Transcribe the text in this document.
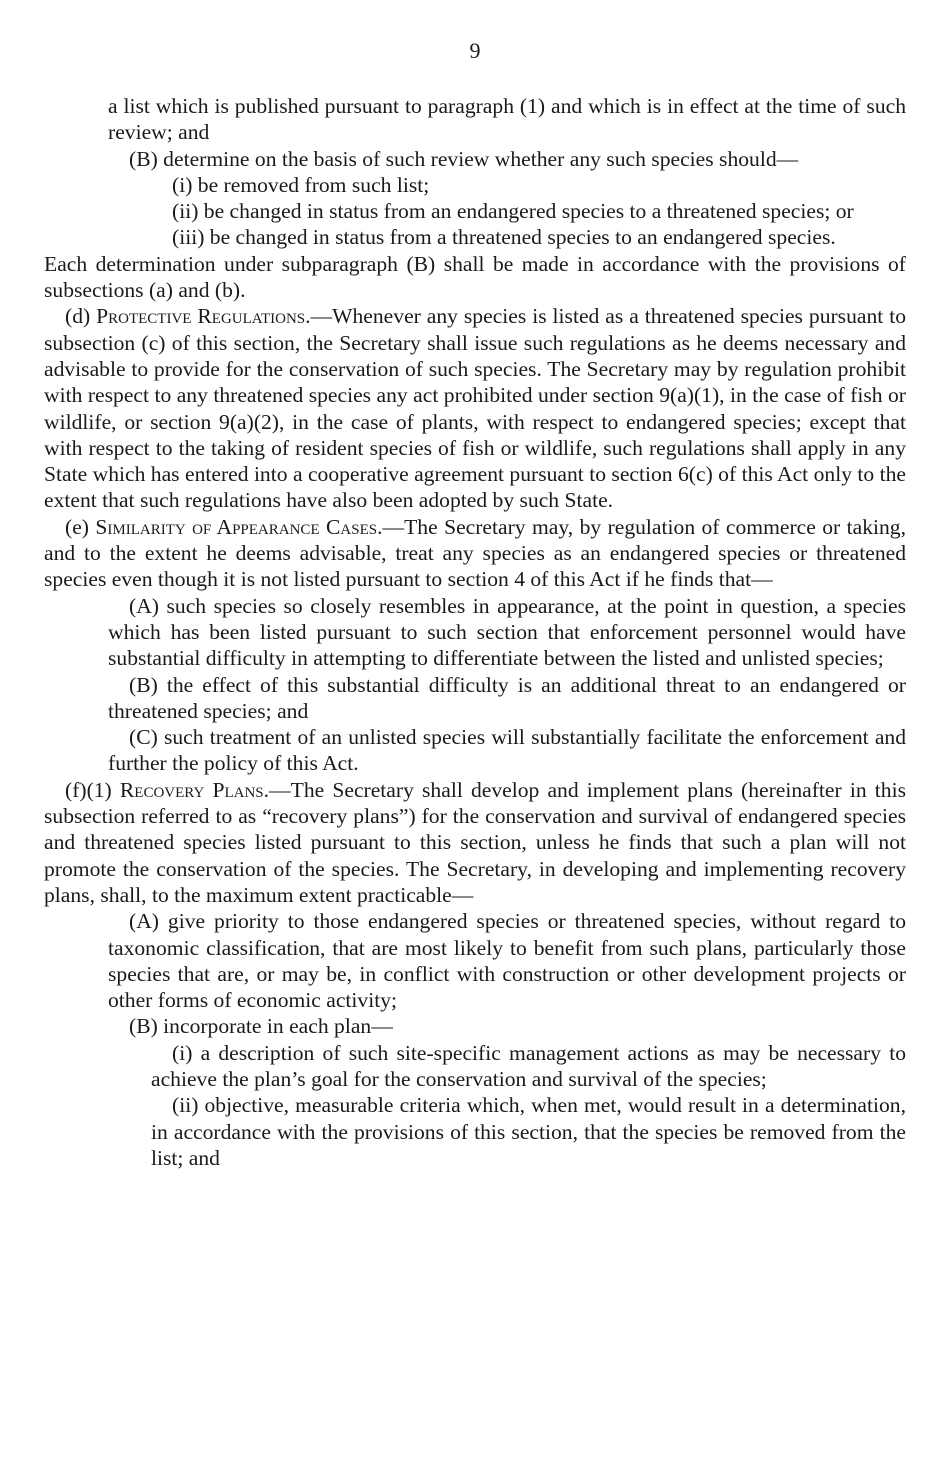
9

a list which is published pursuant to paragraph (1) and which is in effect at the time of such review; and

(B) determine on the basis of such review whether any such species should—

(i) be removed from such list;

(ii) be changed in status from an endangered species to a threatened species; or

(iii) be changed in status from a threatened species to an endangered species.

Each determination under subparagraph (B) shall be made in accordance with the provisions of subsections (a) and (b).

(d) Protective Regulations.—Whenever any species is listed as a threatened species pursuant to subsection (c) of this section, the Secretary shall issue such regulations as he deems necessary and advisable to provide for the conservation of such species. The Secretary may by regulation prohibit with respect to any threatened species any act prohibited under section 9(a)(1), in the case of fish or wildlife, or section 9(a)(2), in the case of plants, with respect to endangered species; except that with respect to the taking of resident species of fish or wildlife, such regulations shall apply in any State which has entered into a cooperative agreement pursuant to section 6(c) of this Act only to the extent that such regulations have also been adopted by such State.

(e) Similarity of Appearance Cases.—The Secretary may, by regulation of commerce or taking, and to the extent he deems advisable, treat any species as an endangered species or threatened species even though it is not listed pursuant to section 4 of this Act if he finds that—

(A) such species so closely resembles in appearance, at the point in question, a species which has been listed pursuant to such section that enforcement personnel would have substantial difficulty in attempting to differentiate between the listed and unlisted species;

(B) the effect of this substantial difficulty is an additional threat to an endangered or threatened species; and

(C) such treatment of an unlisted species will substantially facilitate the enforcement and further the policy of this Act.

(f)(1) Recovery Plans.—The Secretary shall develop and implement plans (hereinafter in this subsection referred to as “recovery plans”) for the conservation and survival of endangered species and threatened species listed pursuant to this section, unless he finds that such a plan will not promote the conservation of the species. The Secretary, in developing and implementing recovery plans, shall, to the maximum extent practicable—

(A) give priority to those endangered species or threatened species, without regard to taxonomic classification, that are most likely to benefit from such plans, particularly those species that are, or may be, in conflict with construction or other development projects or other forms of economic activity;

(B) incorporate in each plan—

(i) a description of such site-specific management actions as may be necessary to achieve the plan’s goal for the conservation and survival of the species;

(ii) objective, measurable criteria which, when met, would result in a determination, in accordance with the provisions of this section, that the species be removed from the list; and
